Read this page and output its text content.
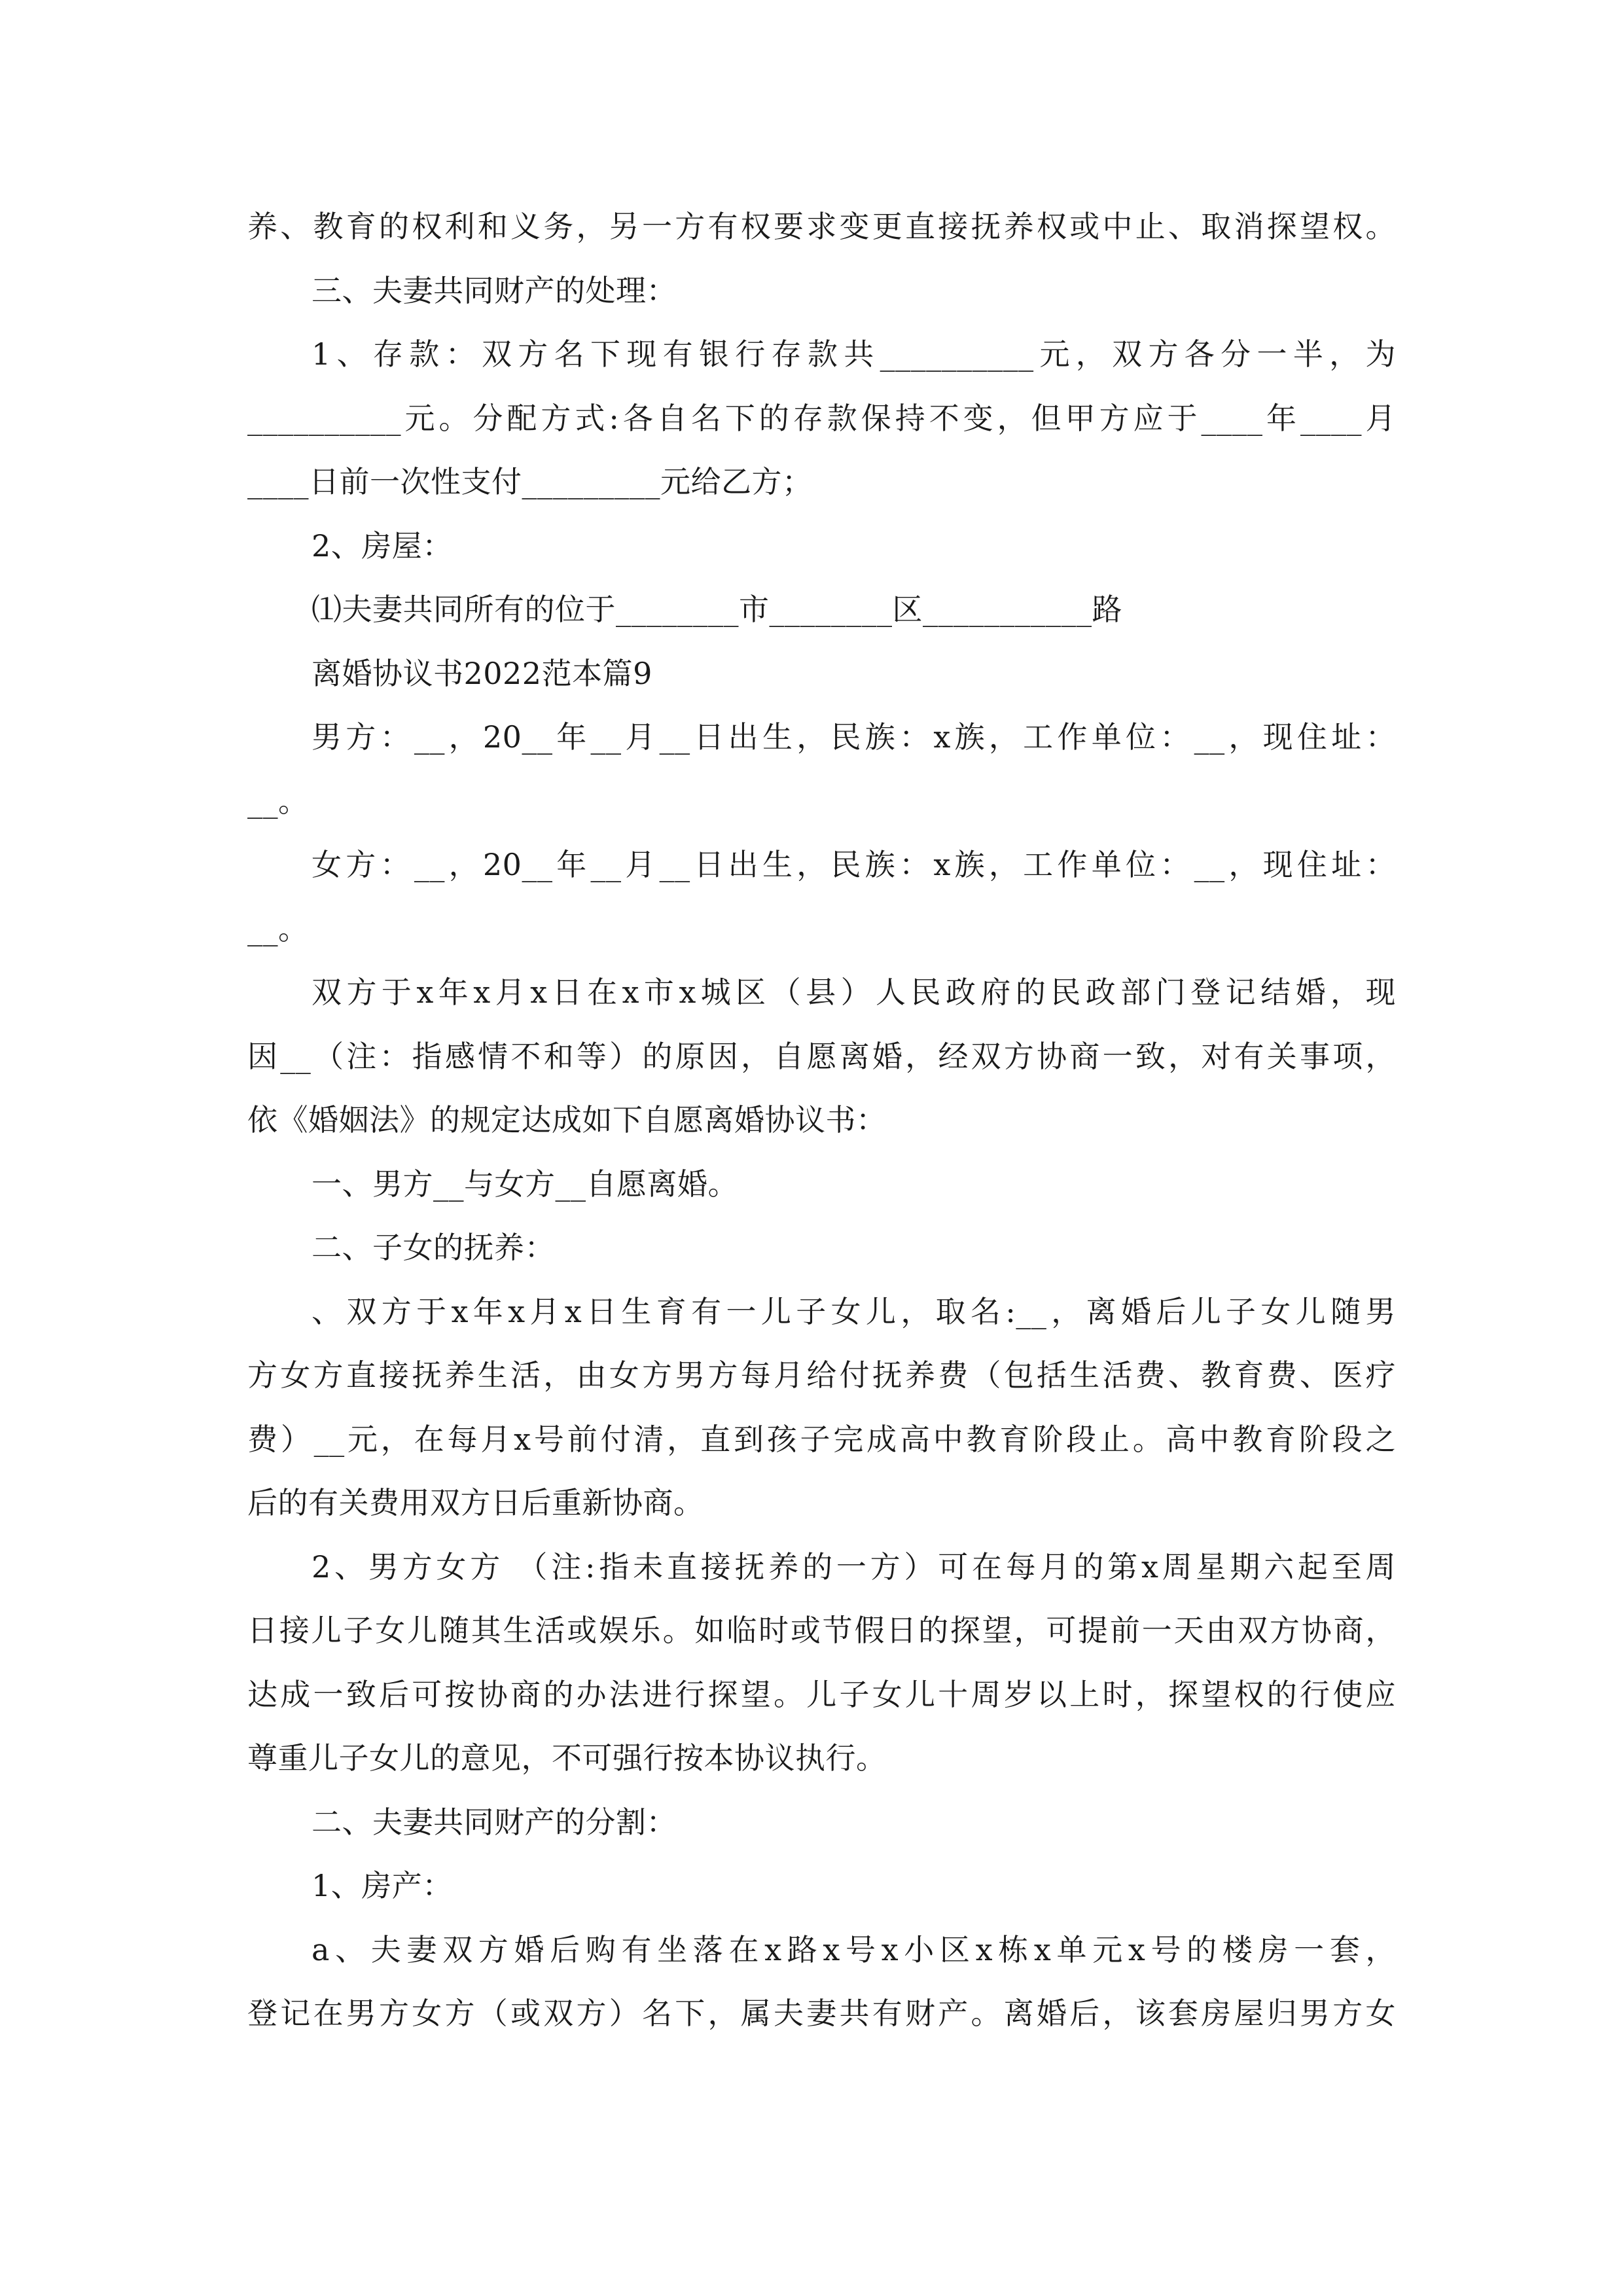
养、教育的权利和义务，另一方有权要求变更直接抚养权或中止、取消探望权。
三、夫妻共同财产的处理：
1、存款：双方名下现有银行存款共__________元，双方各分一半，为
__________元。分配方式:各自名下的存款保持不变，但甲方应于____年____月
____日前一次性支付_________元给乙方；
2、房屋：
⑴夫妻共同所有的位于________市________区___________路
离婚协议书2022范本篇9
男方：__，20__年__月__日出生，民族：x族，工作单位：__，现住址：
__。
女方：__，20__年__月__日出生，民族：x族，工作单位：__，现住址：
__。
双方于x年x月x日在x市x城区（县）人民政府的民政部门登记结婚，现
因__（注：指感情不和等）的原因，自愿离婚，经双方协商一致，对有关事项，
依《婚姻法》的规定达成如下自愿离婚协议书：
一、男方__与女方__自愿离婚。
二、子女的抚养：
、双方于x年x月x日生育有一儿子女儿，取名:__，离婚后儿子女儿随男
方女方直接抚养生活，由女方男方每月给付抚养费（包括生活费、教育费、医疗
费）__元，在每月x号前付清，直到孩子完成高中教育阶段止。高中教育阶段之
后的有关费用双方日后重新协商。
2、男方女方 （注:指未直接抚养的一方）可在每月的第x周星期六起至周
日接儿子女儿随其生活或娱乐。如临时或节假日的探望，可提前一天由双方协商，
达成一致后可按协商的办法进行探望。儿子女儿十周岁以上时，探望权的行使应
尊重儿子女儿的意见，不可强行按本协议执行。
二、夫妻共同财产的分割：
1、房产：
a、夫妻双方婚后购有坐落在x路x号x小区x栋x单元x号的楼房一套，
登记在男方女方（或双方）名下，属夫妻共有财产。离婚后，该套房屋归男方女
